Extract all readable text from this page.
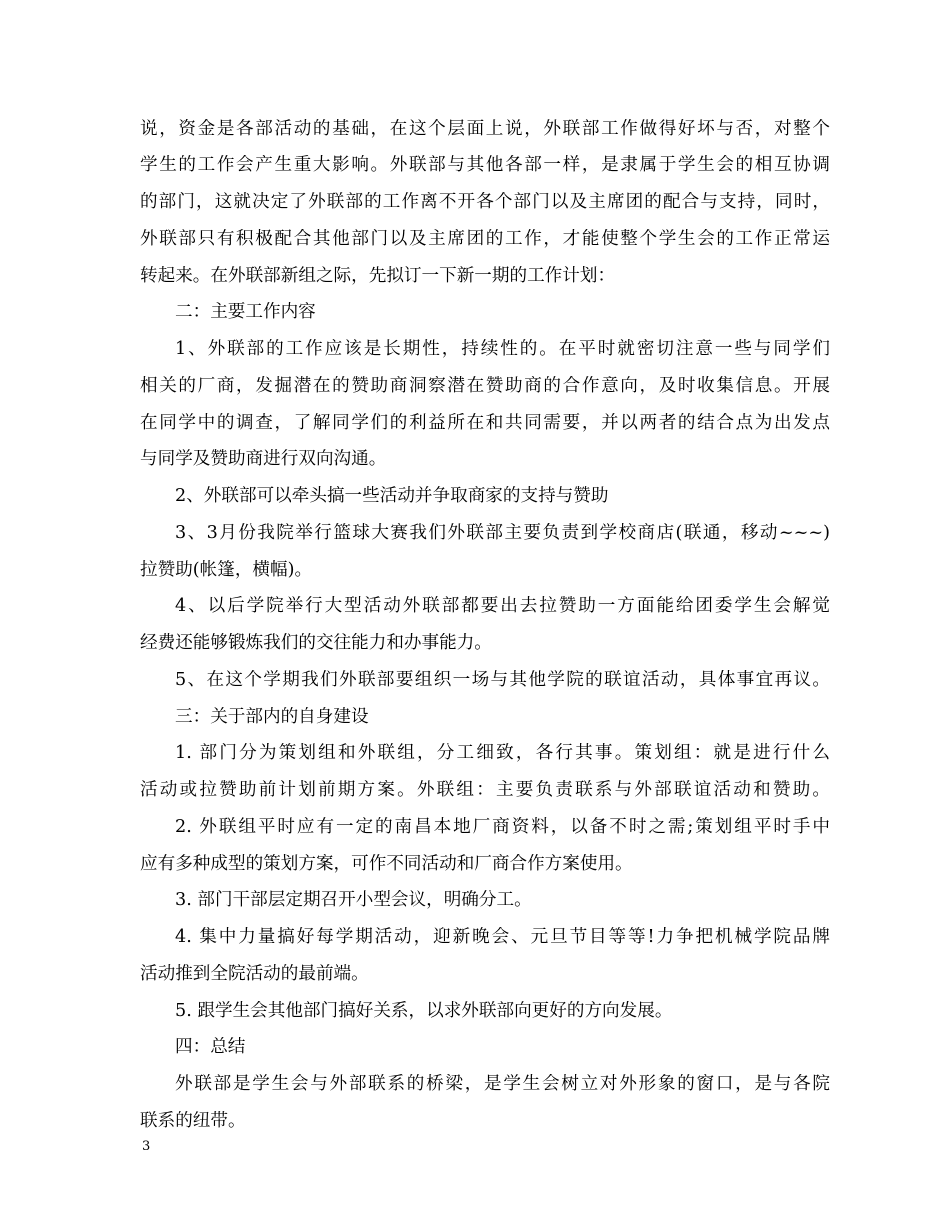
说，资金是各部活动的基础，在这个层面上说，外联部工作做得好坏与否，对整个
学生的工作会产生重大影响。外联部与其他各部一样，是隶属于学生会的相互协调
的部门，这就决定了外联部的工作离不开各个部门以及主席团的配合与支持，同时，
外联部只有积极配合其他部门以及主席团的工作，才能使整个学生会的工作正常运
转起来。在外联部新组之际，先拟订一下新一期的工作计划：
二：主要工作内容
1、外联部的工作应该是长期性，持续性的。在平时就密切注意一些与同学们
相关的厂商，发掘潜在的赞助商洞察潜在赞助商的合作意向，及时收集信息。开展
在同学中的调查，了解同学们的利益所在和共同需要，并以两者的结合点为出发点
与同学及赞助商进行双向沟通。
2、外联部可以牵头搞一些活动并争取商家的支持与赞助
3、3月份我院举行篮球大赛我们外联部主要负责到学校商店(联通，移动~~~)
拉赞助(帐篷，横幅)。
4、以后学院举行大型活动外联部都要出去拉赞助一方面能给团委学生会解觉
经费还能够锻炼我们的交往能力和办事能力。
5、在这个学期我们外联部要组织一场与其他学院的联谊活动，具体事宜再议。
三：关于部内的自身建设
1. 部门分为策划组和外联组，分工细致，各行其事。策划组：就是进行什么
活动或拉赞助前计划前期方案。外联组：主要负责联系与外部联谊活动和赞助。
2. 外联组平时应有一定的南昌本地厂商资料，以备不时之需;策划组平时手中
应有多种成型的策划方案，可作不同活动和厂商合作方案使用。
3. 部门干部层定期召开小型会议，明确分工。
4. 集中力量搞好每学期活动，迎新晚会、元旦节目等等!力争把机械学院品牌
活动推到全院活动的最前端。
5. 跟学生会其他部门搞好关系，以求外联部向更好的方向发展。
四：总结
外联部是学生会与外部联系的桥梁，是学生会树立对外形象的窗口，是与各院
联系的纽带。
3
